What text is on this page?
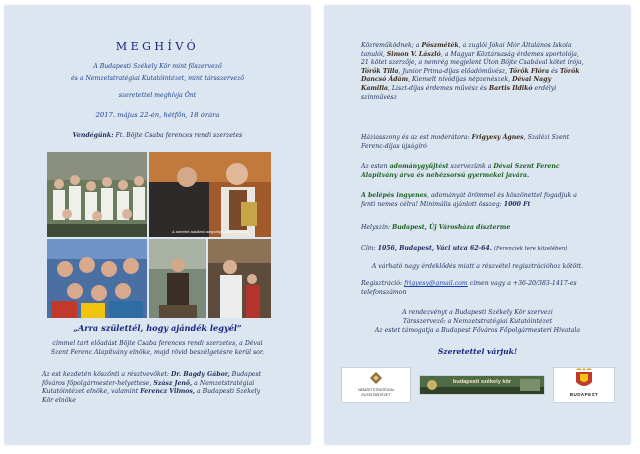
MEGHÍVÓ
A Budapesti Székely Kör mint főszervező
és a Nemzetstratégiai Kutatóintézet, mint társszervező
szeretettel meghívja Önt
2017. május 22-én, hétfőn, 18 órára
Vendégünk: Ft. Böjte Csaba ferences rendi szerzetes
A szeretet mindent megszépít (Böjte Csaba)
„Arra születtél, hogy ajándék legyél”
címmel tart előadást Böjte Csaba ferences rendi szerzetes, a Dévai
Szent Ferenc Alapítvány elnöke, majd rövid beszélgetésre kerül sor.
Az est kezdetén köszönti a résztvevőket: Dr. Bagdy Gábor, Budapest
főváros főpolgármester-helyettese, Szász Jenő, a Nemzetstratégiai
Kutatóintézet elnöke, valamint Ferencz Vilmos, a Budapesti Székely
Kör elnöke
Közreműködnek; a Pöszméték, a zuglói Jókai Mór Általános Iskola
tanulói, Simon V. László, a Magyar Köztársaság érdemes sportolója,
21 kötet szerzője, a nemrég megjelent Úton Böjte Csabával kötet írója,
Török Tilla, Junior Prima-díjas előadóművész, Török Flóra és Török
Dancsó Ádám, Kiemelt nívódíjas népzenészek, Dévai Nagy
Kamilla, Liszt-díjas érdemes művész és Bartis Ildikó erdélyi
színművész
Háziasszony és az est moderátora: Frigyesy Ágnes, Szalézi Szent
Ferenc-díjas újságíró
Az esten adománygyűjtést szervezünk a Dévai Szent Ferenc
Alapítvány árva és nehézsorsú gyermekei javára.
A belépés ingyenes, adományát örömmel és köszönettel fogadjuk a
fenti nemes célra! Minimális ajánlott összeg: 1000 Ft
Helyszín: Budapest, Új Városháza díszterme
Cím: 1056, Budapest, Váci utca 62-64. (Ferenciek tere közelében)
A várható nagy érdeklődés miatt a részvétel regisztrációhoz kötött.
Regisztráció: frigyesy@gmail.com címen vagy a +36-20/383-1417-es
telefonszámon
A rendezvényt a Budapesti Székely Kör szervezi
Társszervező: a Nemzetstratégiai Kutatóintézet
Az estet támogatja a Budapest Főváros Főpolgármesteri Hivatala
Szeretettel várjuk!
NEMZETSTRATÉGIAI
KUTATÓINTÉZET
budapesti székely kör
BUDAPEST
